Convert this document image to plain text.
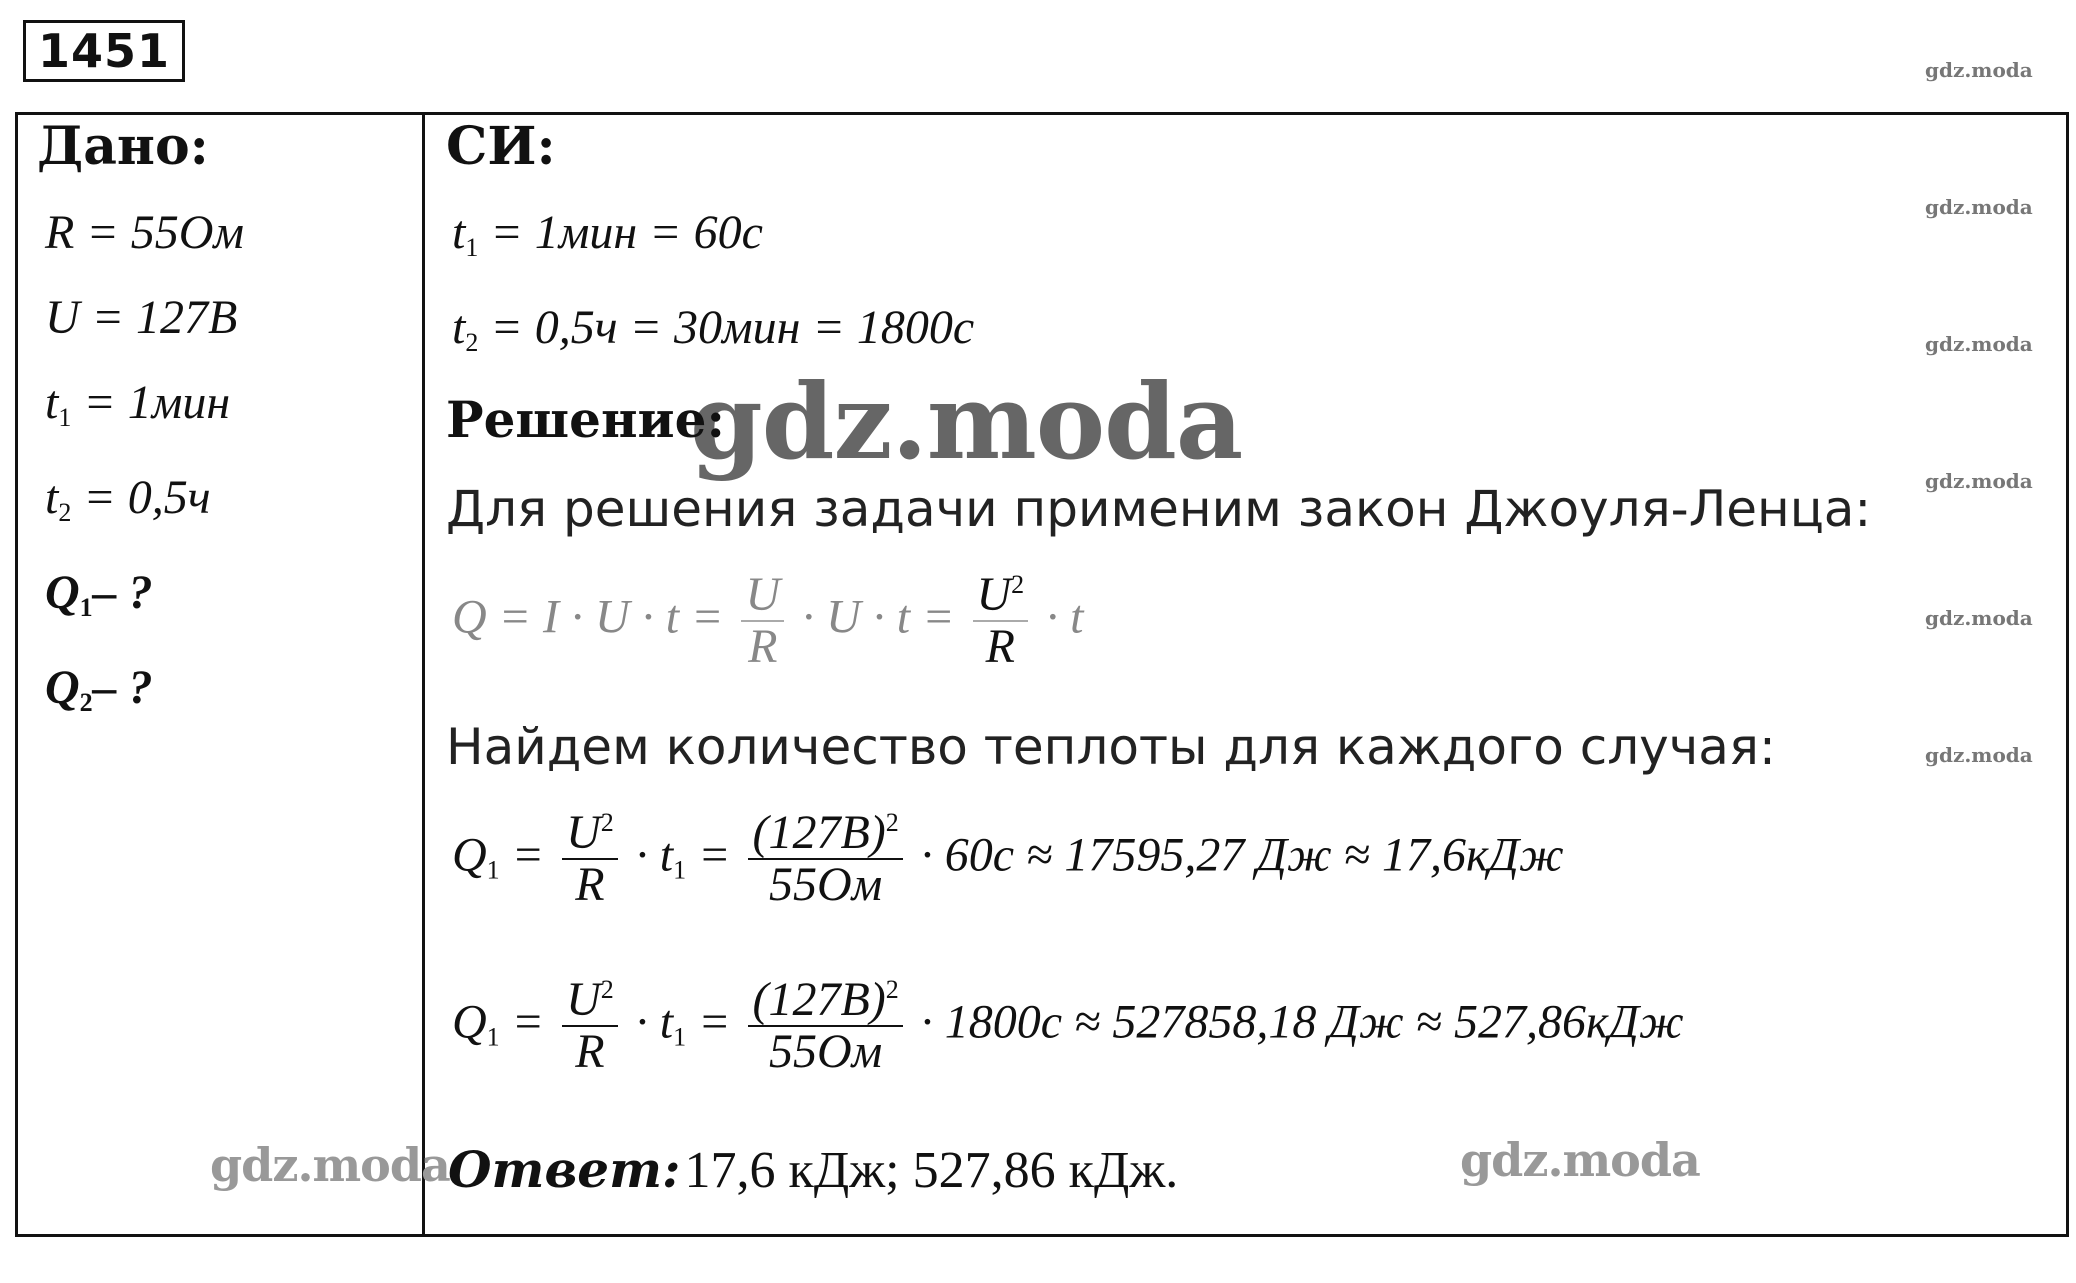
1451	gdz.moda
gdz.moda
gdz.moda
gdz.moda
gdz.moda
gdz.moda
gdz.moda
gdz.moda	gdz.moda
Дано:
R = 55Ом
U = 127В
$t_1 = 1мин$
$t_2 = 0,5ч$
$Q_1-$ ?
$Q_2-$ ?
СИ:
$t_1 = 1мин = 60с$
$t_2 = 0,5ч = 30мин = 1800с$
Решение:
Для решения задачи применим закон Джоуля-Ленца:
$Q = I \cdot U \cdot t = \frac{U}{R} \cdot U \cdot t = \frac{U^2}{R} \cdot t$
Найдем количество теплоты для каждого случая:
$Q_1 = \frac{U^2}{R} \cdot t_1 = \frac{(127В)^2}{55Ом} \cdot 60с \approx 17595,27$ Дж ≈ 17,6кДж
$Q_1 = \frac{U^2}{R} \cdot t_1 = \frac{(127В)^2}{55Ом} \cdot 1800с \approx 527858,18$ Дж ≈ 527,86кДж
Ответ: 17,6 кДж; 527,86 кДж.
